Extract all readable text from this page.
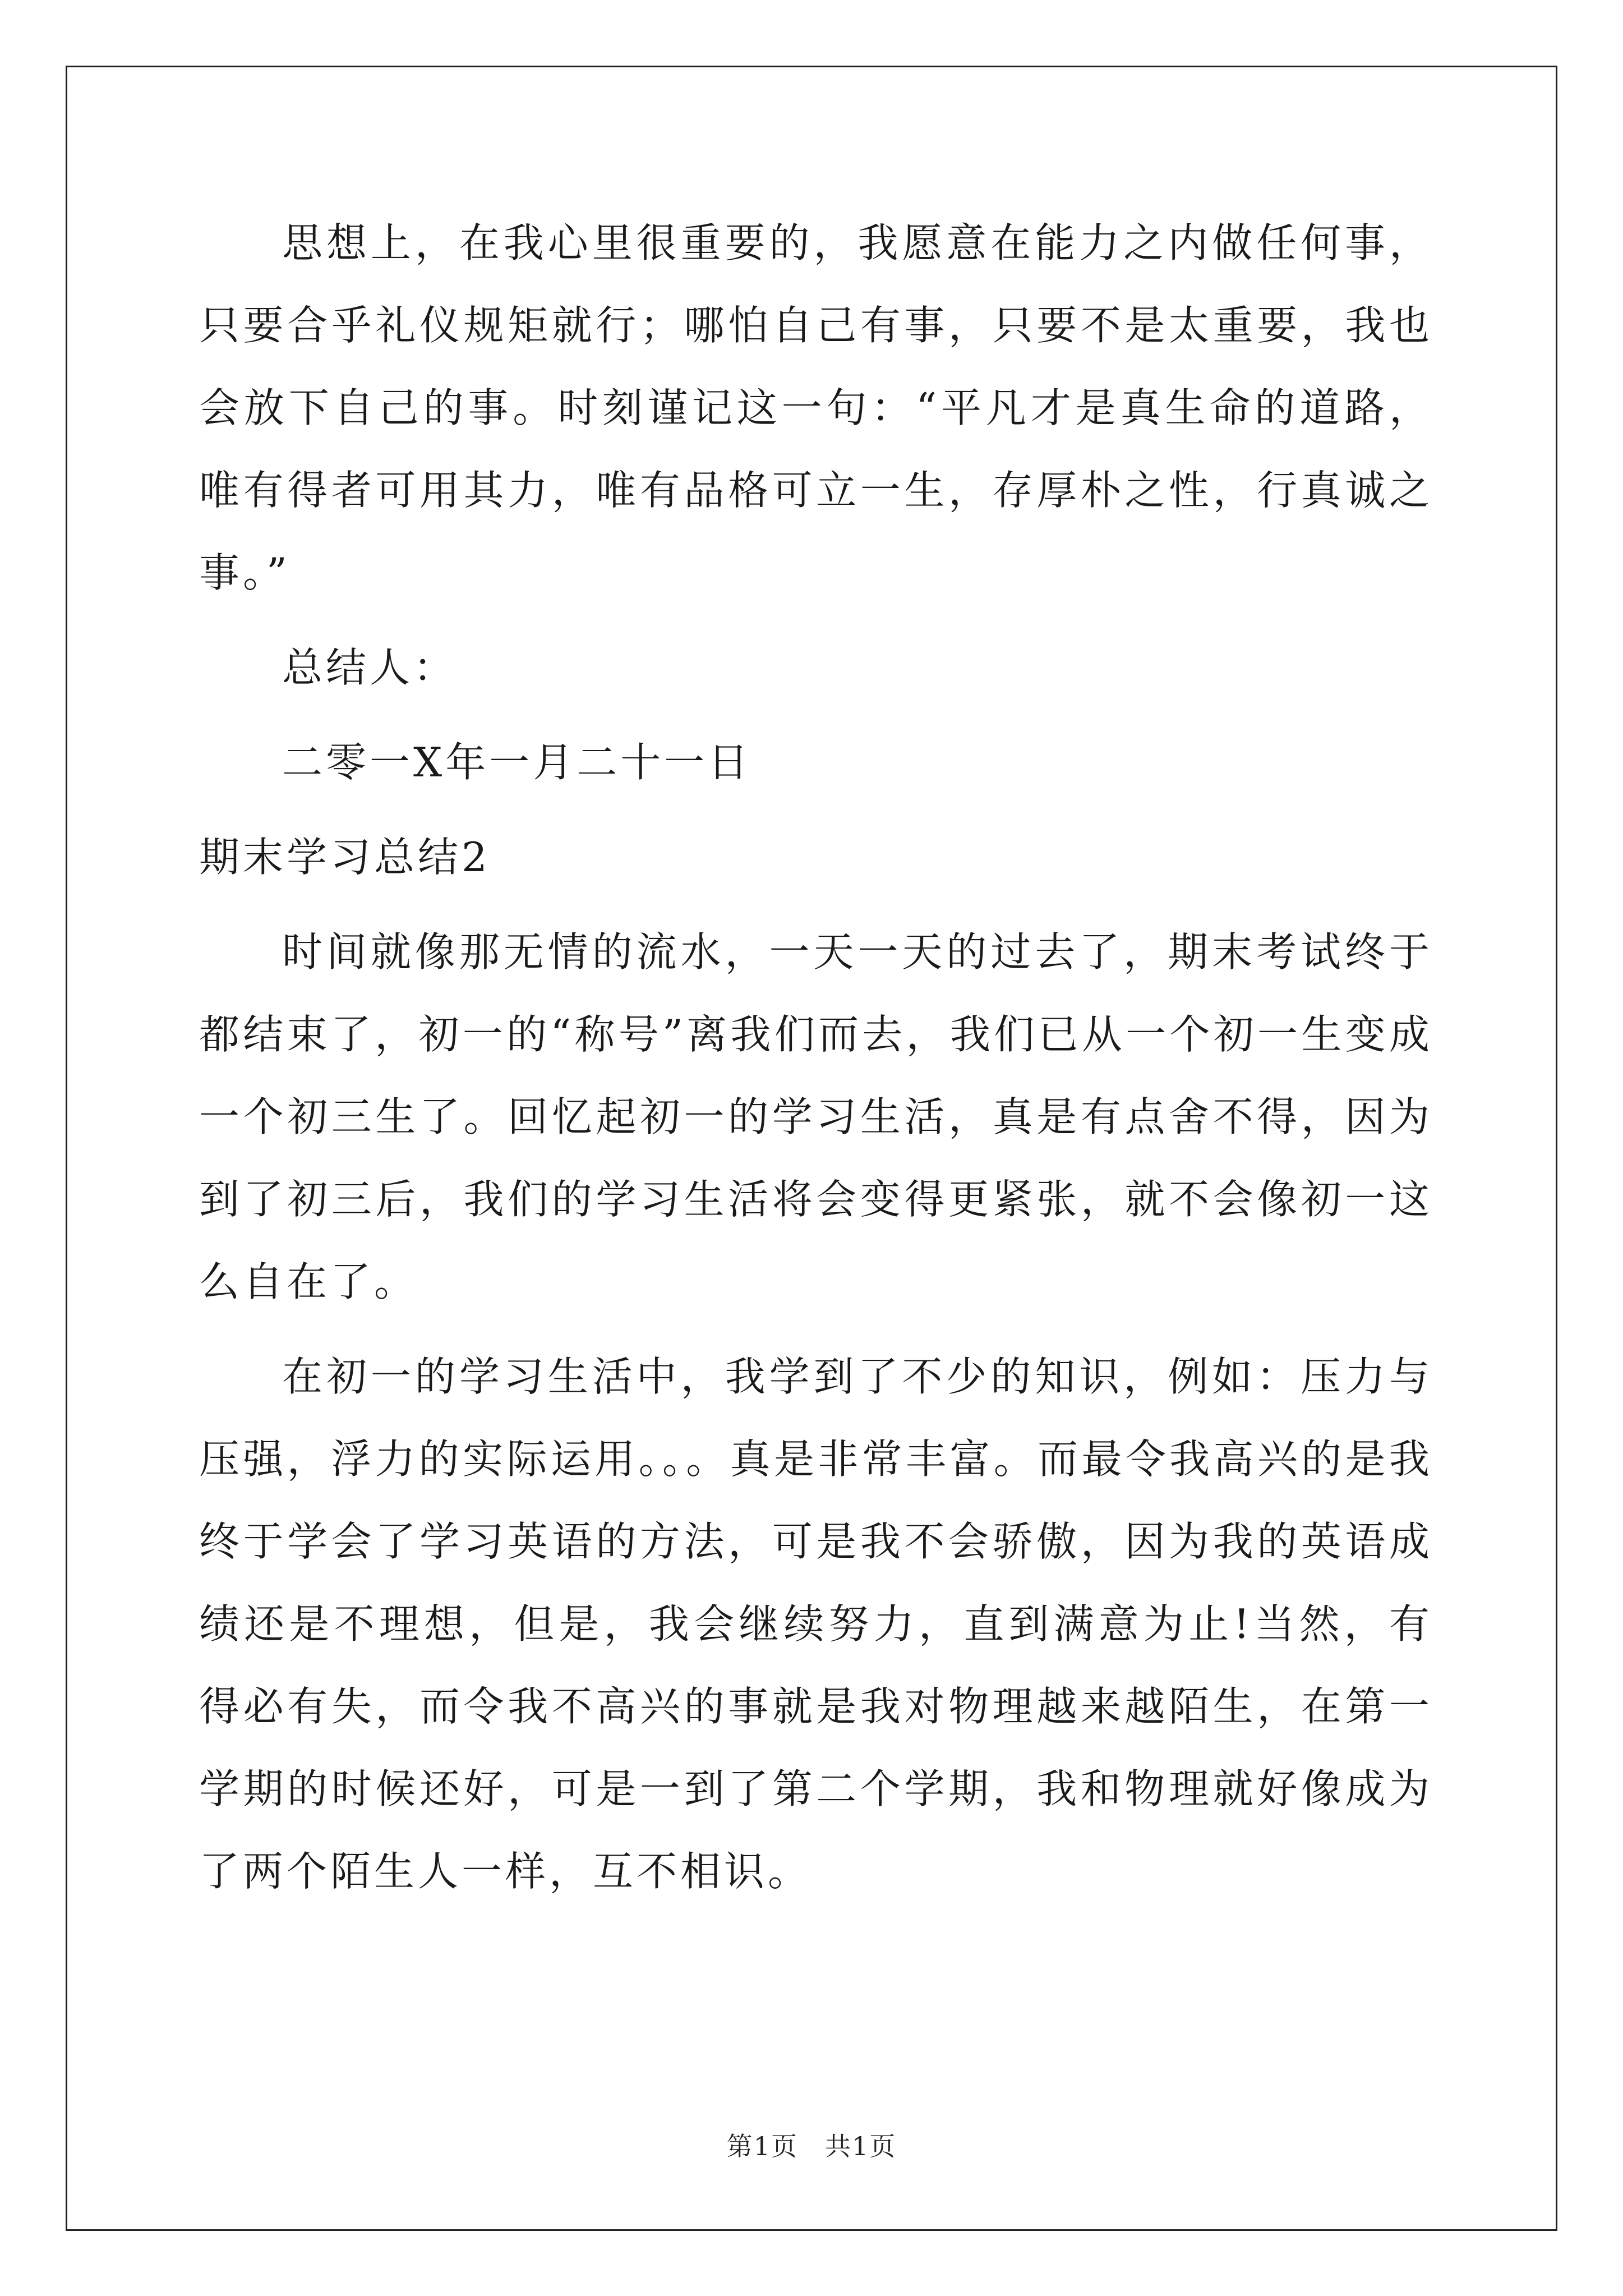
思想上，在我心里很重要的，我愿意在能力之内做任何事，只要合乎礼仪规矩就行；哪怕自己有事，只要不是太重要，我也会放下自己的事。时刻谨记这一句：“平凡才是真生命的道路，唯有得者可用其力，唯有品格可立一生，存厚朴之性，行真诚之事。”

总结人：

二零一X年一月二十一日

期末学习总结2

时间就像那无情的流水，一天一天的过去了，期末考试终于都结束了，初一的“称号”离我们而去，我们已从一个初一生变成一个初三生了。回忆起初一的学习生活，真是有点舍不得，因为到了初三后，我们的学习生活将会变得更紧张，就不会像初一这么自在了。

在初一的学习生活中，我学到了不少的知识，例如：压力与压强，浮力的实际运用。。。真是非常丰富。而最令我高兴的是我终于学会了学习英语的方法，可是我不会骄傲，因为我的英语成绩还是不理想，但是，我会继续努力，直到满意为止!当然，有得必有失，而令我不高兴的事就是我对物理越来越陌生，在第一学期的时候还好，可是一到了第二个学期，我和物理就好像成为了两个陌生人一样，互不相识。

第1页　共1页
